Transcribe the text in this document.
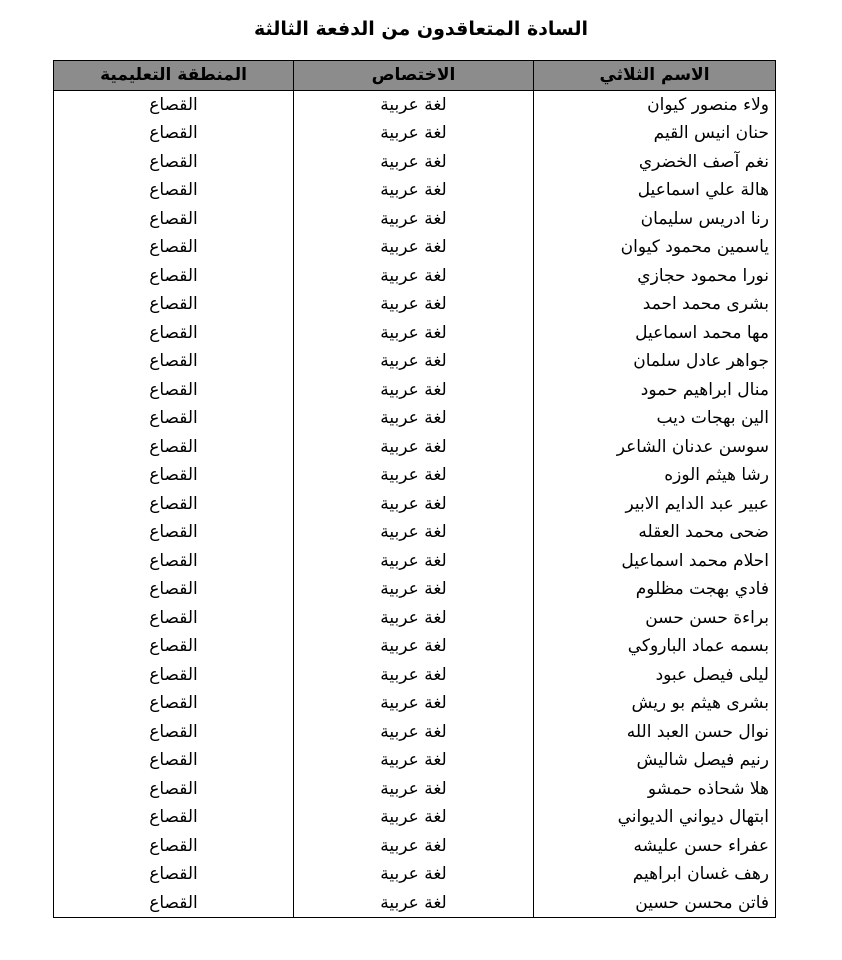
السادة المتعاقدون من الدفعة الثالثة
الاسم الثلاثي	الاختصاص	المنطقة التعليمية
ولاء منصور كيوان	لغة عربية	القصاع
حنان انيس القيم	لغة عربية	القصاع
نغم آصف الخضري	لغة عربية	القصاع
هالة علي اسماعيل	لغة عربية	القصاع
رنا ادريس سليمان	لغة عربية	القصاع
ياسمين محمود كيوان	لغة عربية	القصاع
نورا محمود حجازي	لغة عربية	القصاع
بشرى محمد احمد	لغة عربية	القصاع
مها محمد اسماعيل	لغة عربية	القصاع
جواهر عادل سلمان	لغة عربية	القصاع
منال ابراهيم حمود	لغة عربية	القصاع
الين بهجات ديب	لغة عربية	القصاع
سوسن عدنان الشاعر	لغة عربية	القصاع
رشا هيثم الوزه	لغة عربية	القصاع
عبير عبد الدايم الابير	لغة عربية	القصاع
ضحى محمد العقله	لغة عربية	القصاع
احلام محمد اسماعيل	لغة عربية	القصاع
فادي بهجت مظلوم	لغة عربية	القصاع
براءة حسن حسن	لغة عربية	القصاع
بسمه عماد الباروكي	لغة عربية	القصاع
ليلى فيصل عبود	لغة عربية	القصاع
بشرى هيثم بو ريش	لغة عربية	القصاع
نوال حسن العبد الله	لغة عربية	القصاع
رنيم فيصل شاليش	لغة عربية	القصاع
هلا شحاذه حمشو	لغة عربية	القصاع
ابتهال ديواني الديواني	لغة عربية	القصاع
عفراء حسن عليشه	لغة عربية	القصاع
رهف غسان ابراهيم	لغة عربية	القصاع
فاتن محسن حسين	لغة عربية	القصاع
